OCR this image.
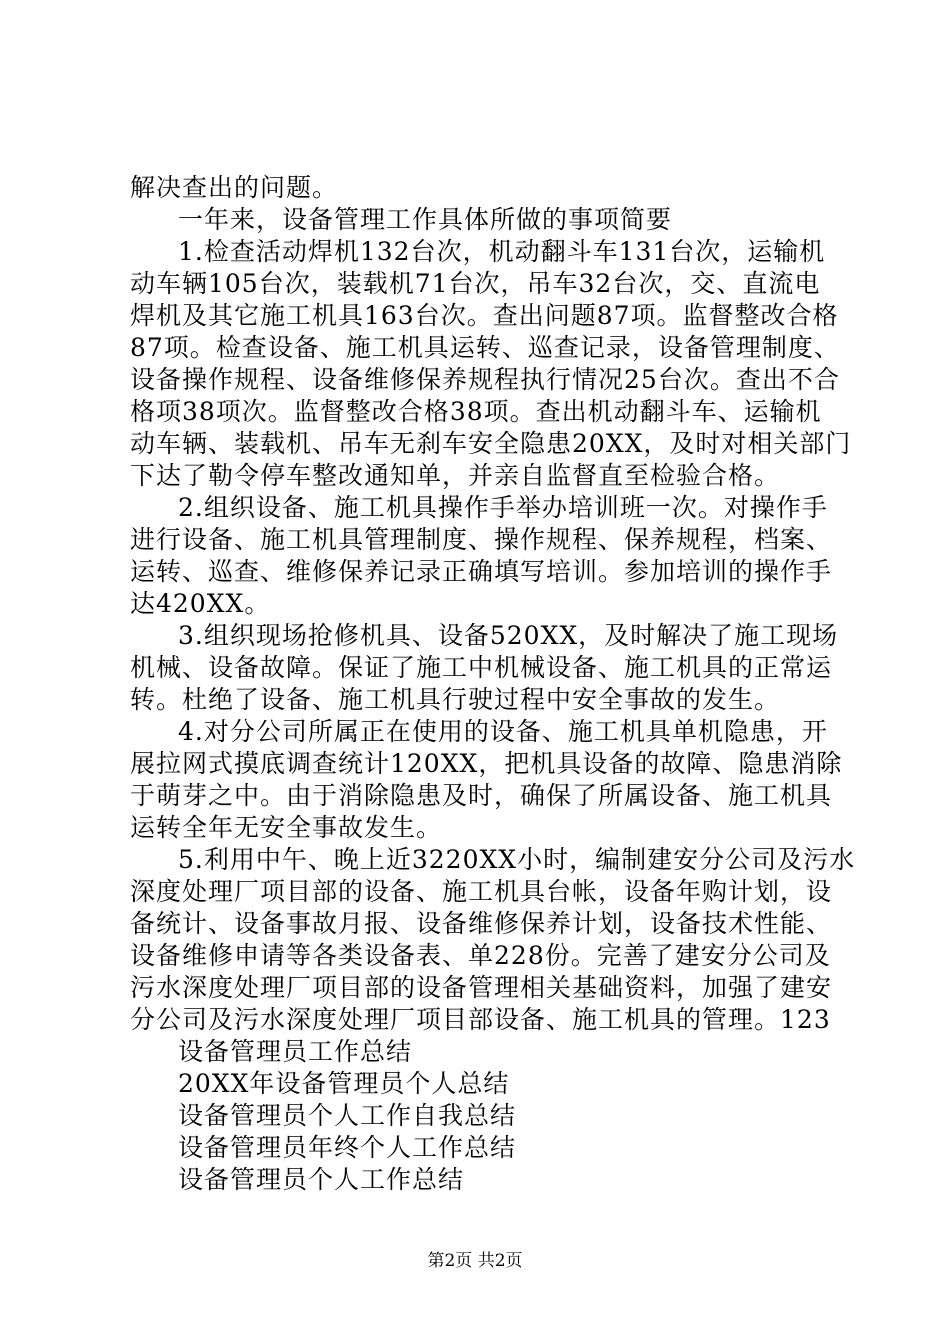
解决查出的问题。
一年来，设备管理工作具体所做的事项简要
1.检查活动焊机132台次，机动翻斗车131台次，运输机
动车辆105台次，装载机71台次，吊车32台次，交、直流电
焊机及其它施工机具163台次。查出问题87项。监督整改合格
87项。检查设备、施工机具运转、巡查记录，设备管理制度、
设备操作规程、设备维修保养规程执行情况25台次。查出不合
格项38项次。监督整改合格38项。查出机动翻斗车、运输机
动车辆、装载机、吊车无刹车安全隐患20XX，及时对相关部门
下达了勒令停车整改通知单，并亲自监督直至检验合格。
2.组织设备、施工机具操作手举办培训班一次。对操作手
进行设备、施工机具管理制度、操作规程、保养规程，档案、
运转、巡查、维修保养记录正确填写培训。参加培训的操作手
达420XX。
3.组织现场抢修机具、设备520XX，及时解决了施工现场
机械、设备故障。保证了施工中机械设备、施工机具的正常运
转。杜绝了设备、施工机具行驶过程中安全事故的发生。
4.对分公司所属正在使用的设备、施工机具单机隐患，开
展拉网式摸底调查统计120XX，把机具设备的故障、隐患消除
于萌芽之中。由于消除隐患及时，确保了所属设备、施工机具
运转全年无安全事故发生。
5.利用中午、晚上近3220XX小时，编制建安分公司及污水
深度处理厂项目部的设备、施工机具台帐，设备年购计划，设
备统计、设备事故月报、设备维修保养计划，设备技术性能、
设备维修申请等各类设备表、单228份。完善了建安分公司及
污水深度处理厂项目部的设备管理相关基础资料，加强了建安
分公司及污水深度处理厂项目部设备、施工机具的管理。123
设备管理员工作总结
20XX年设备管理员个人总结
设备管理员个人工作自我总结
设备管理员年终个人工作总结
设备管理员个人工作总结
第2页 共2页
